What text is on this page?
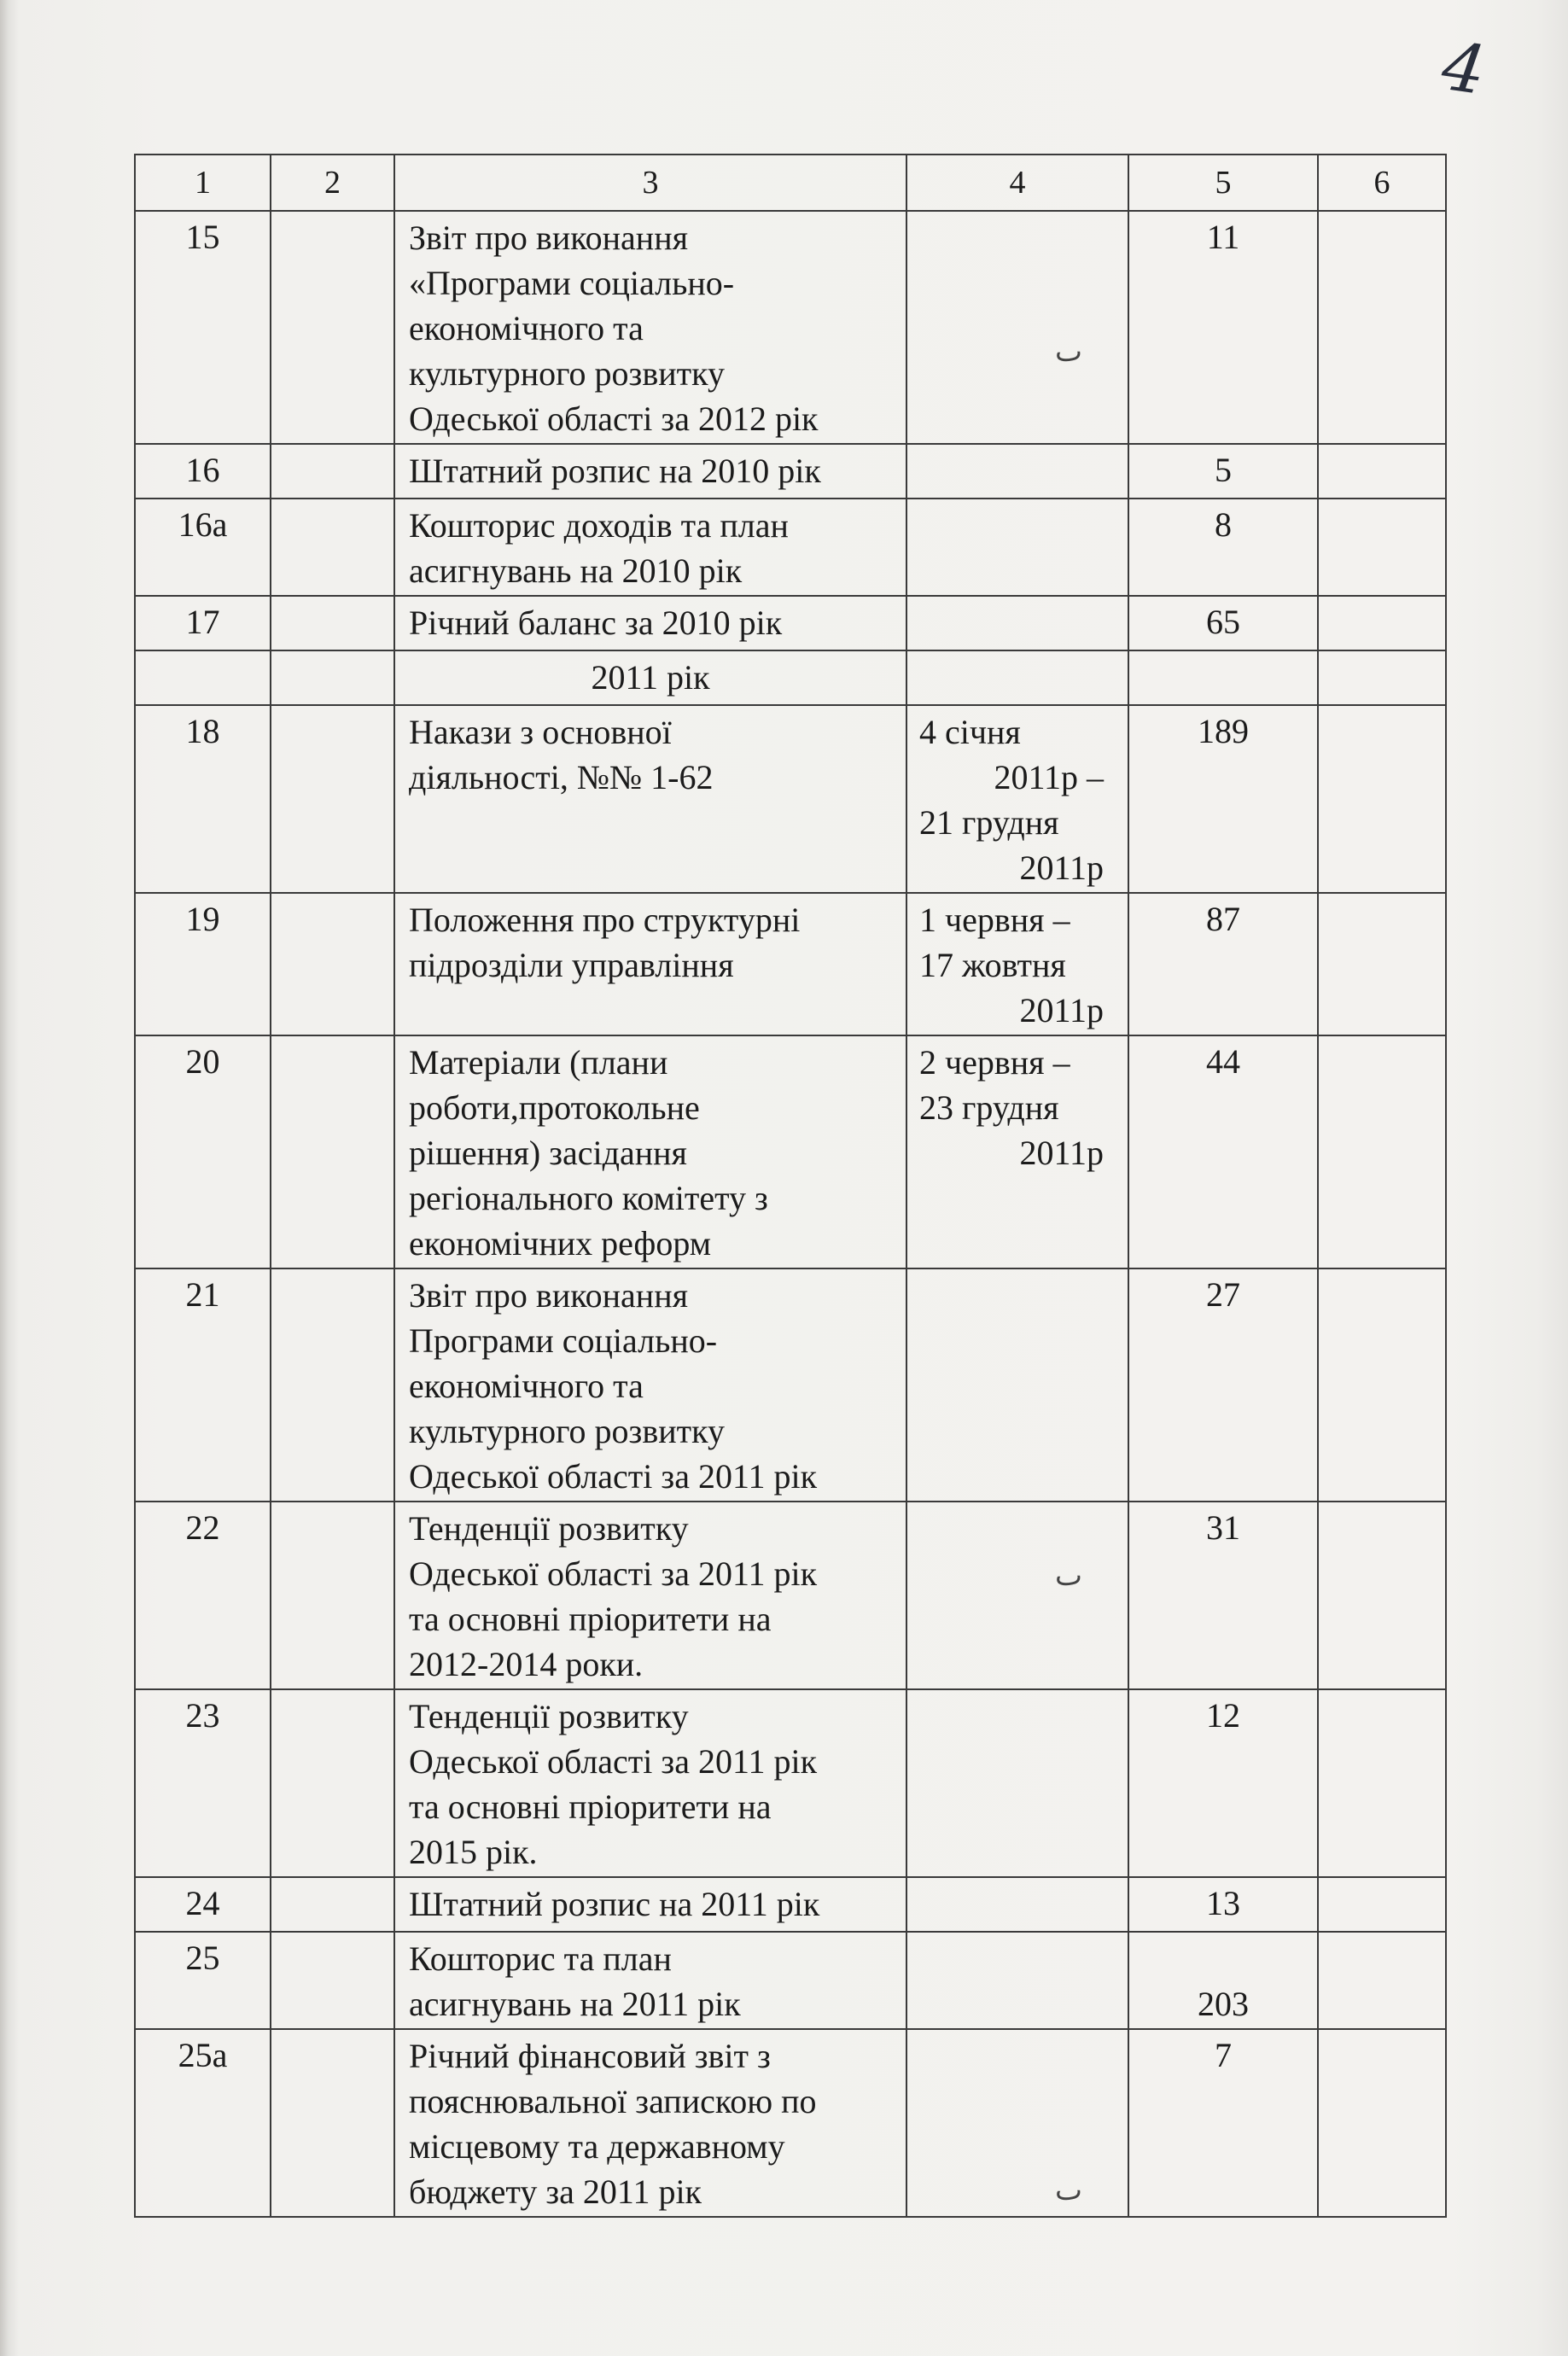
4
1	2	3	4	5	6

15		Звіт про виконання
«Програми соціально-
економічного та
культурного розвитку
Одеської області за 2012 рік		11	

16		Штатний розпис на 2010 рік		5	

16а		Кошторис доходів та план
асигнувань на 2010 рік		8	

17		Річний баланс за 2010 рік		65	

		2011 рік			

18		Накази з основної
діяльності, №№ 1-62	4 січня
2011р –
21 грудня
2011р	189	

19		Положення про структурні
підрозділи управління	1 червня –
17 жовтня
2011р	87	

20		Матеріали (плани
роботи,протокольне
рішення) засідання
регіонального комітету з
економічних реформ	2 червня –
23 грудня
2011р	44	

21		Звіт про виконання
Програми соціально-
економічного та
культурного розвитку
Одеської області за 2011 рік		27	

22		Тенденції розвитку
Одеської області за 2011 рік
та основні пріоритети на
2012-2014 роки.		31	

23		Тенденції розвитку
Одеської області за 2011 рік
та основні пріоритети на
2015 рік.		12	

24		Штатний розпис на 2011 рік		13	

25		Кошторис та план
асигнувань на 2011 рік		203	

25а		Річний фінансовий звіт з
пояснювальної запискою по
місцевому та державному
бюджету за 2011 рік		7	

ٮ
ٮ
ٮ
